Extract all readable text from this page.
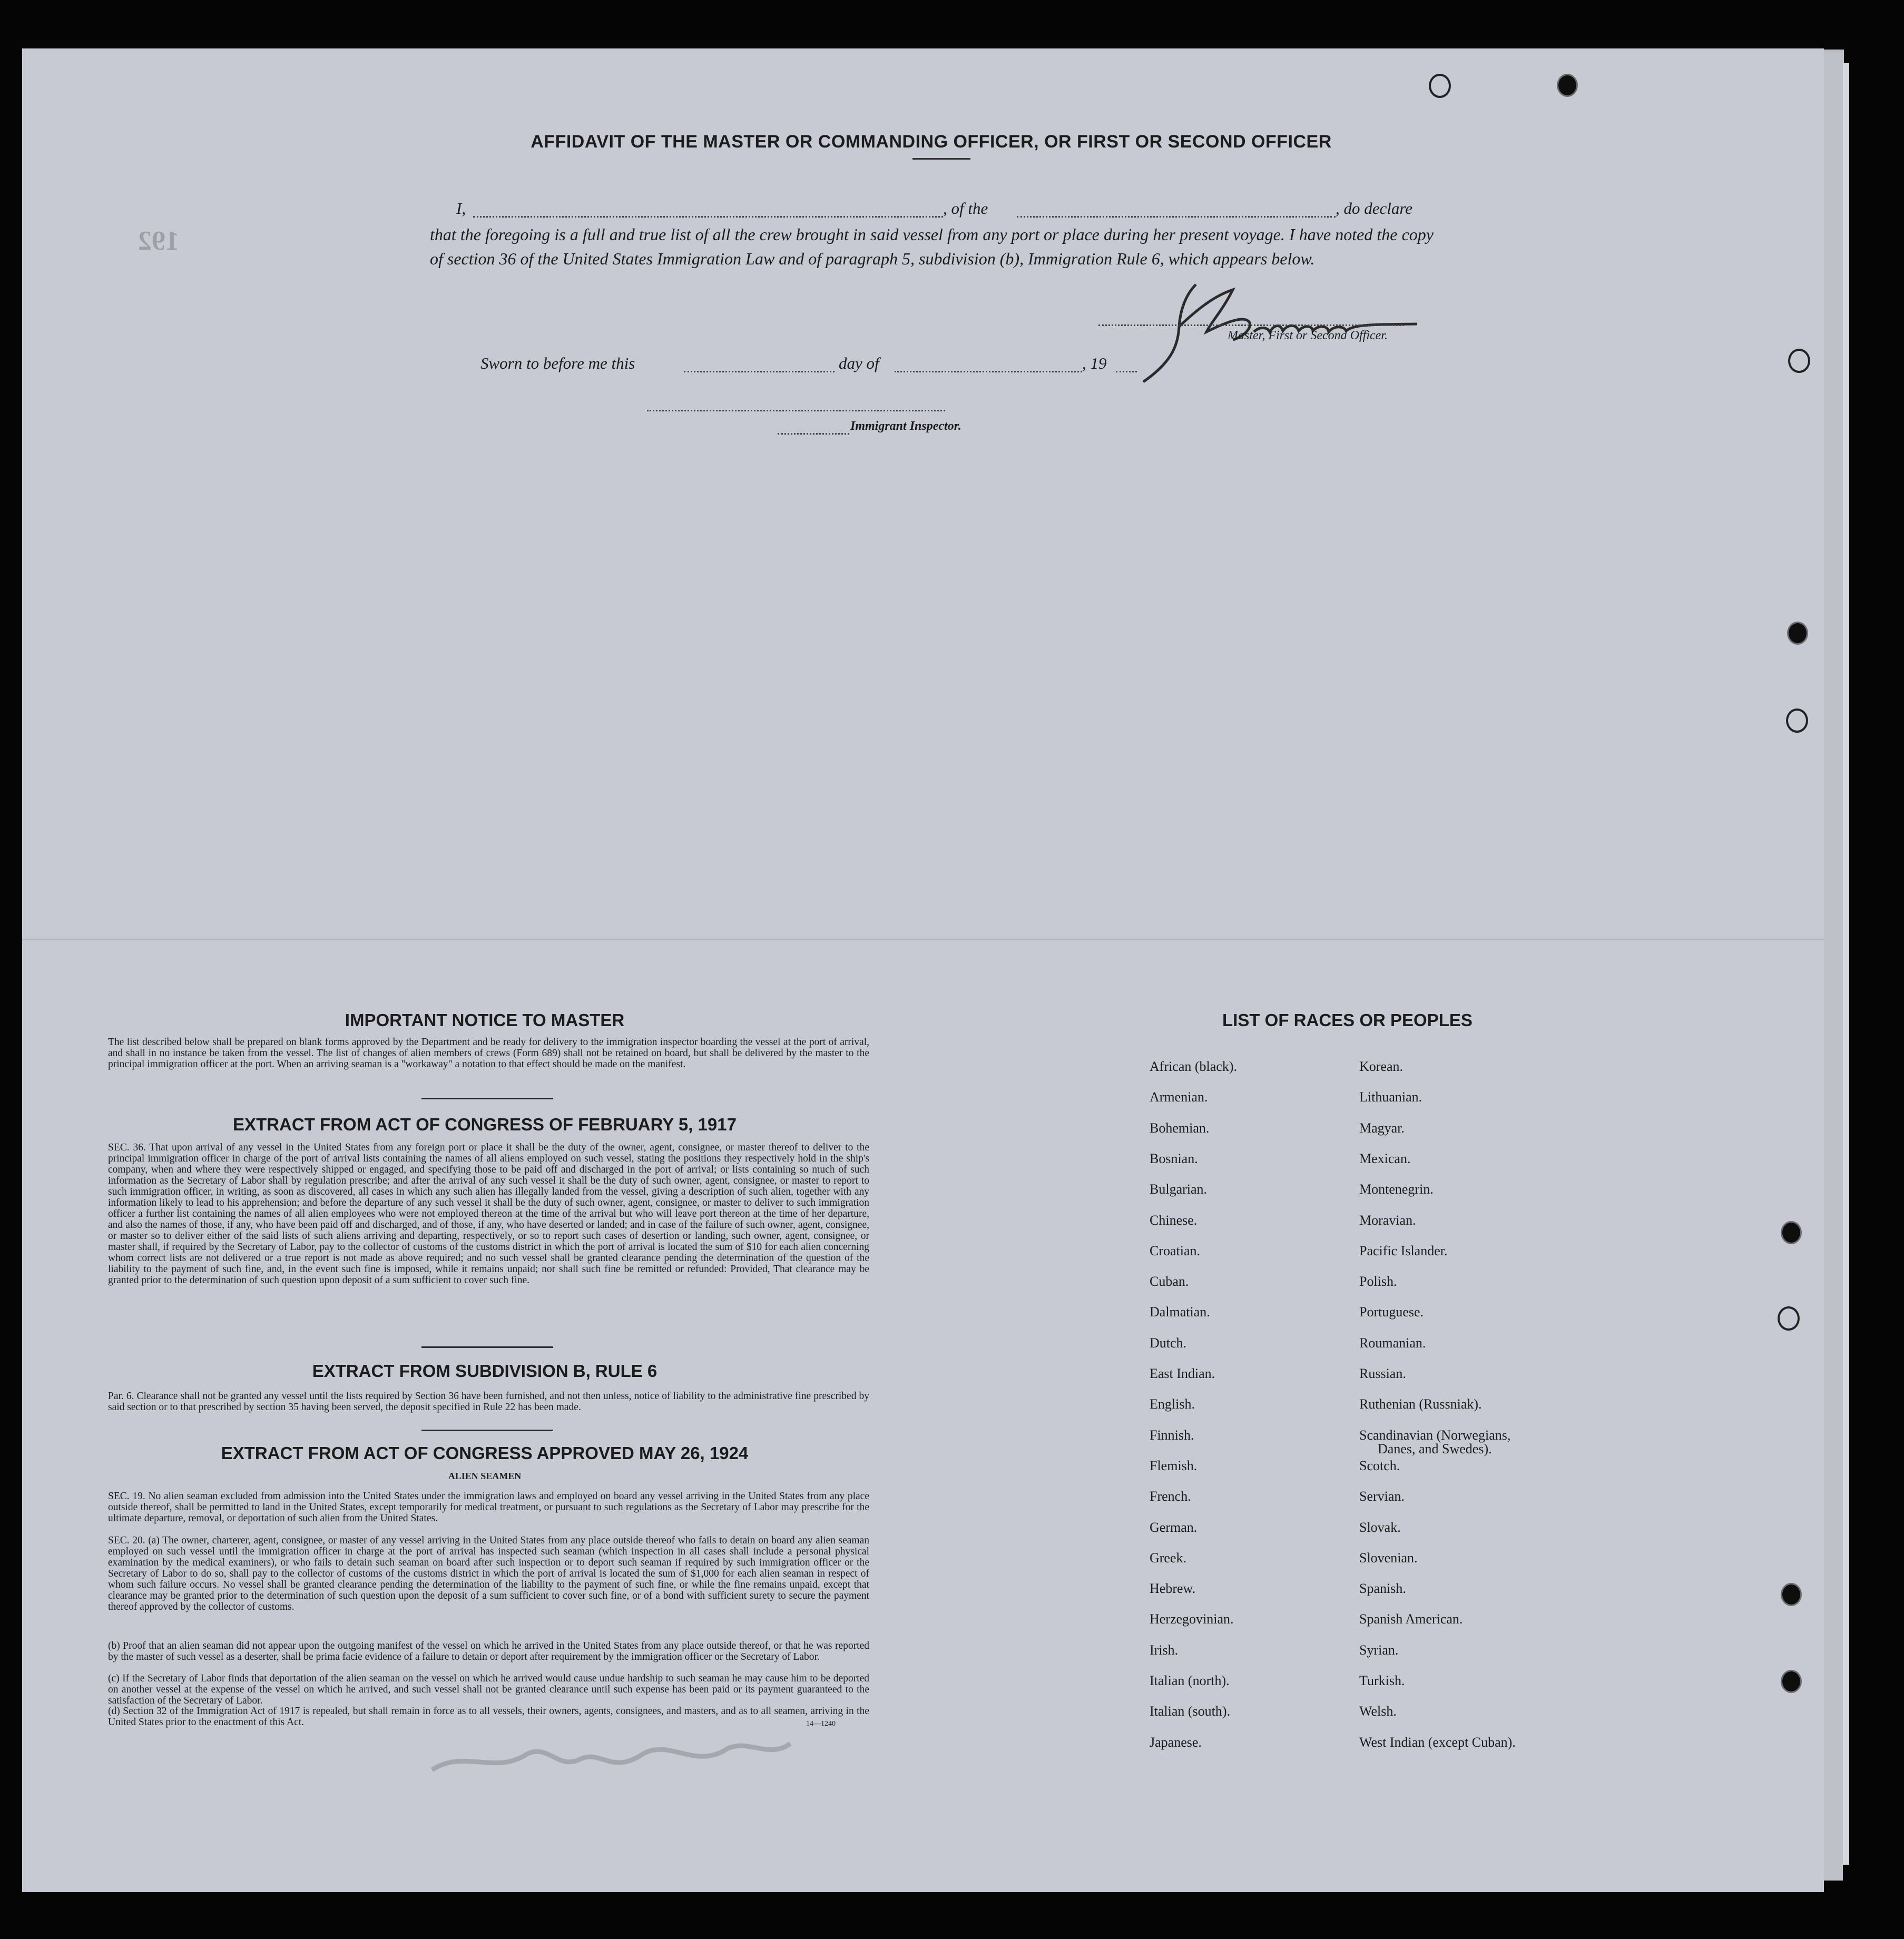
192
AFFIDAVIT OF THE MASTER OR COMMANDING OFFICER, OR FIRST OR SECOND OFFICER
I,	, of the	, do declare
that the foregoing is a full and true list of all the crew brought in said vessel from any port or place during her present voyage. I have noted the copy of section 36 of the United States Immigration Law and of paragraph 5, subdivision (b), Immigration Rule 6, which appears below.
Master, First or Second Officer.
Sworn to before me this	day of	, 19
Immigrant Inspector.
IMPORTANT NOTICE TO MASTER
The list described below shall be prepared on blank forms approved by the Department and be ready for delivery to the immigration inspector boarding the vessel at the port of arrival, and shall in no instance be taken from the vessel. The list of changes of alien members of crews (Form 689) shall not be retained on board, but shall be delivered by the master to the principal immigration officer at the port. When an arriving seaman is a "workaway" a notation to that effect should be made on the manifest.
EXTRACT FROM ACT OF CONGRESS OF FEBRUARY 5, 1917
SEC. 36. That upon arrival of any vessel in the United States from any foreign port or place it shall be the duty of the owner, agent, consignee, or master thereof to deliver to the principal immigration officer in charge of the port of arrival lists containing the names of all aliens employed on such vessel, stating the positions they respectively hold in the ship's company, when and where they were respectively shipped or engaged, and specifying those to be paid off and discharged in the port of arrival; or lists containing so much of such information as the Secretary of Labor shall by regulation prescribe; and after the arrival of any such vessel it shall be the duty of such owner, agent, consignee, or master to report to such immigration officer, in writing, as soon as discovered, all cases in which any such alien has illegally landed from the vessel, giving a description of such alien, together with any information likely to lead to his apprehension; and before the departure of any such vessel it shall be the duty of such owner, agent, consignee, or master to deliver to such immigration officer a further list containing the names of all alien employees who were not employed thereon at the time of the arrival but who will leave port thereon at the time of her departure, and also the names of those, if any, who have been paid off and discharged, and of those, if any, who have deserted or landed; and in case of the failure of such owner, agent, consignee, or master so to deliver either of the said lists of such aliens arriving and departing, respectively, or so to report such cases of desertion or landing, such owner, agent, consignee, or master shall, if required by the Secretary of Labor, pay to the collector of customs of the customs district in which the port of arrival is located the sum of $10 for each alien concerning whom correct lists are not delivered or a true report is not made as above required; and no such vessel shall be granted clearance pending the determination of the question of the liability to the payment of such fine, and, in the event such fine is imposed, while it remains unpaid; nor shall such fine be remitted or refunded: Provided, That clearance may be granted prior to the determination of such question upon deposit of a sum sufficient to cover such fine.
EXTRACT FROM SUBDIVISION B, RULE 6
Par. 6. Clearance shall not be granted any vessel until the lists required by Section 36 have been furnished, and not then unless, notice of liability to the administrative fine prescribed by said section or to that prescribed by section 35 having been served, the deposit specified in Rule 22 has been made.
EXTRACT FROM ACT OF CONGRESS APPROVED MAY 26, 1924
ALIEN SEAMEN
SEC. 19. No alien seaman excluded from admission into the United States under the immigration laws and employed on board any vessel arriving in the United States from any place outside thereof, shall be permitted to land in the United States, except temporarily for medical treatment, or pursuant to such regulations as the Secretary of Labor may prescribe for the ultimate departure, removal, or deportation of such alien from the United States.
SEC. 20. (a) The owner, charterer, agent, consignee, or master of any vessel arriving in the United States from any place outside thereof who fails to detain on board any alien seaman employed on such vessel until the immigration officer in charge at the port of arrival has inspected such seaman (which inspection in all cases shall include a personal physical examination by the medical examiners), or who fails to detain such seaman on board after such inspection or to deport such seaman if required by such immigration officer or the Secretary of Labor to do so, shall pay to the collector of customs of the customs district in which the port of arrival is located the sum of $1,000 for each alien seaman in respect of whom such failure occurs. No vessel shall be granted clearance pending the determination of the liability to the payment of such fine, or while the fine remains unpaid, except that clearance may be granted prior to the determination of such question upon the deposit of a sum sufficient to cover such fine, or of a bond with sufficient surety to secure the payment thereof approved by the collector of customs.
(b) Proof that an alien seaman did not appear upon the outgoing manifest of the vessel on which he arrived in the United States from any place outside thereof, or that he was reported by the master of such vessel as a deserter, shall be prima facie evidence of a failure to detain or deport after requirement by the immigration officer or the Secretary of Labor.
(c) If the Secretary of Labor finds that deportation of the alien seaman on the vessel on which he arrived would cause undue hardship to such seaman he may cause him to be deported on another vessel at the expense of the vessel on which he arrived, and such vessel shall not be granted clearance until such expense has been paid or its payment guaranteed to the satisfaction of the Secretary of Labor.
(d) Section 32 of the Immigration Act of 1917 is repealed, but shall remain in force as to all vessels, their owners, agents, consignees, and masters, and as to all seamen, arriving in the United States prior to the enactment of this Act.	14—1240
LIST OF RACES OR PEOPLES
African (black).
Armenian.
Bohemian.
Bosnian.
Bulgarian.
Chinese.
Croatian.
Cuban.
Dalmatian.
Dutch.
East Indian.
English.
Finnish.
Flemish.
French.
German.
Greek.
Hebrew.
Herzegovinian.
Irish.
Italian (north).
Italian (south).
Japanese.
Korean.
Lithuanian.
Magyar.
Mexican.
Montenegrin.
Moravian.
Pacific Islander.
Polish.
Portuguese.
Roumanian.
Russian.
Ruthenian (Russniak).
Scandinavian (Norwegians,
Danes, and Swedes).
Scotch.
Servian.
Slovak.
Slovenian.
Spanish.
Spanish American.
Syrian.
Turkish.
Welsh.
West Indian (except Cuban).
